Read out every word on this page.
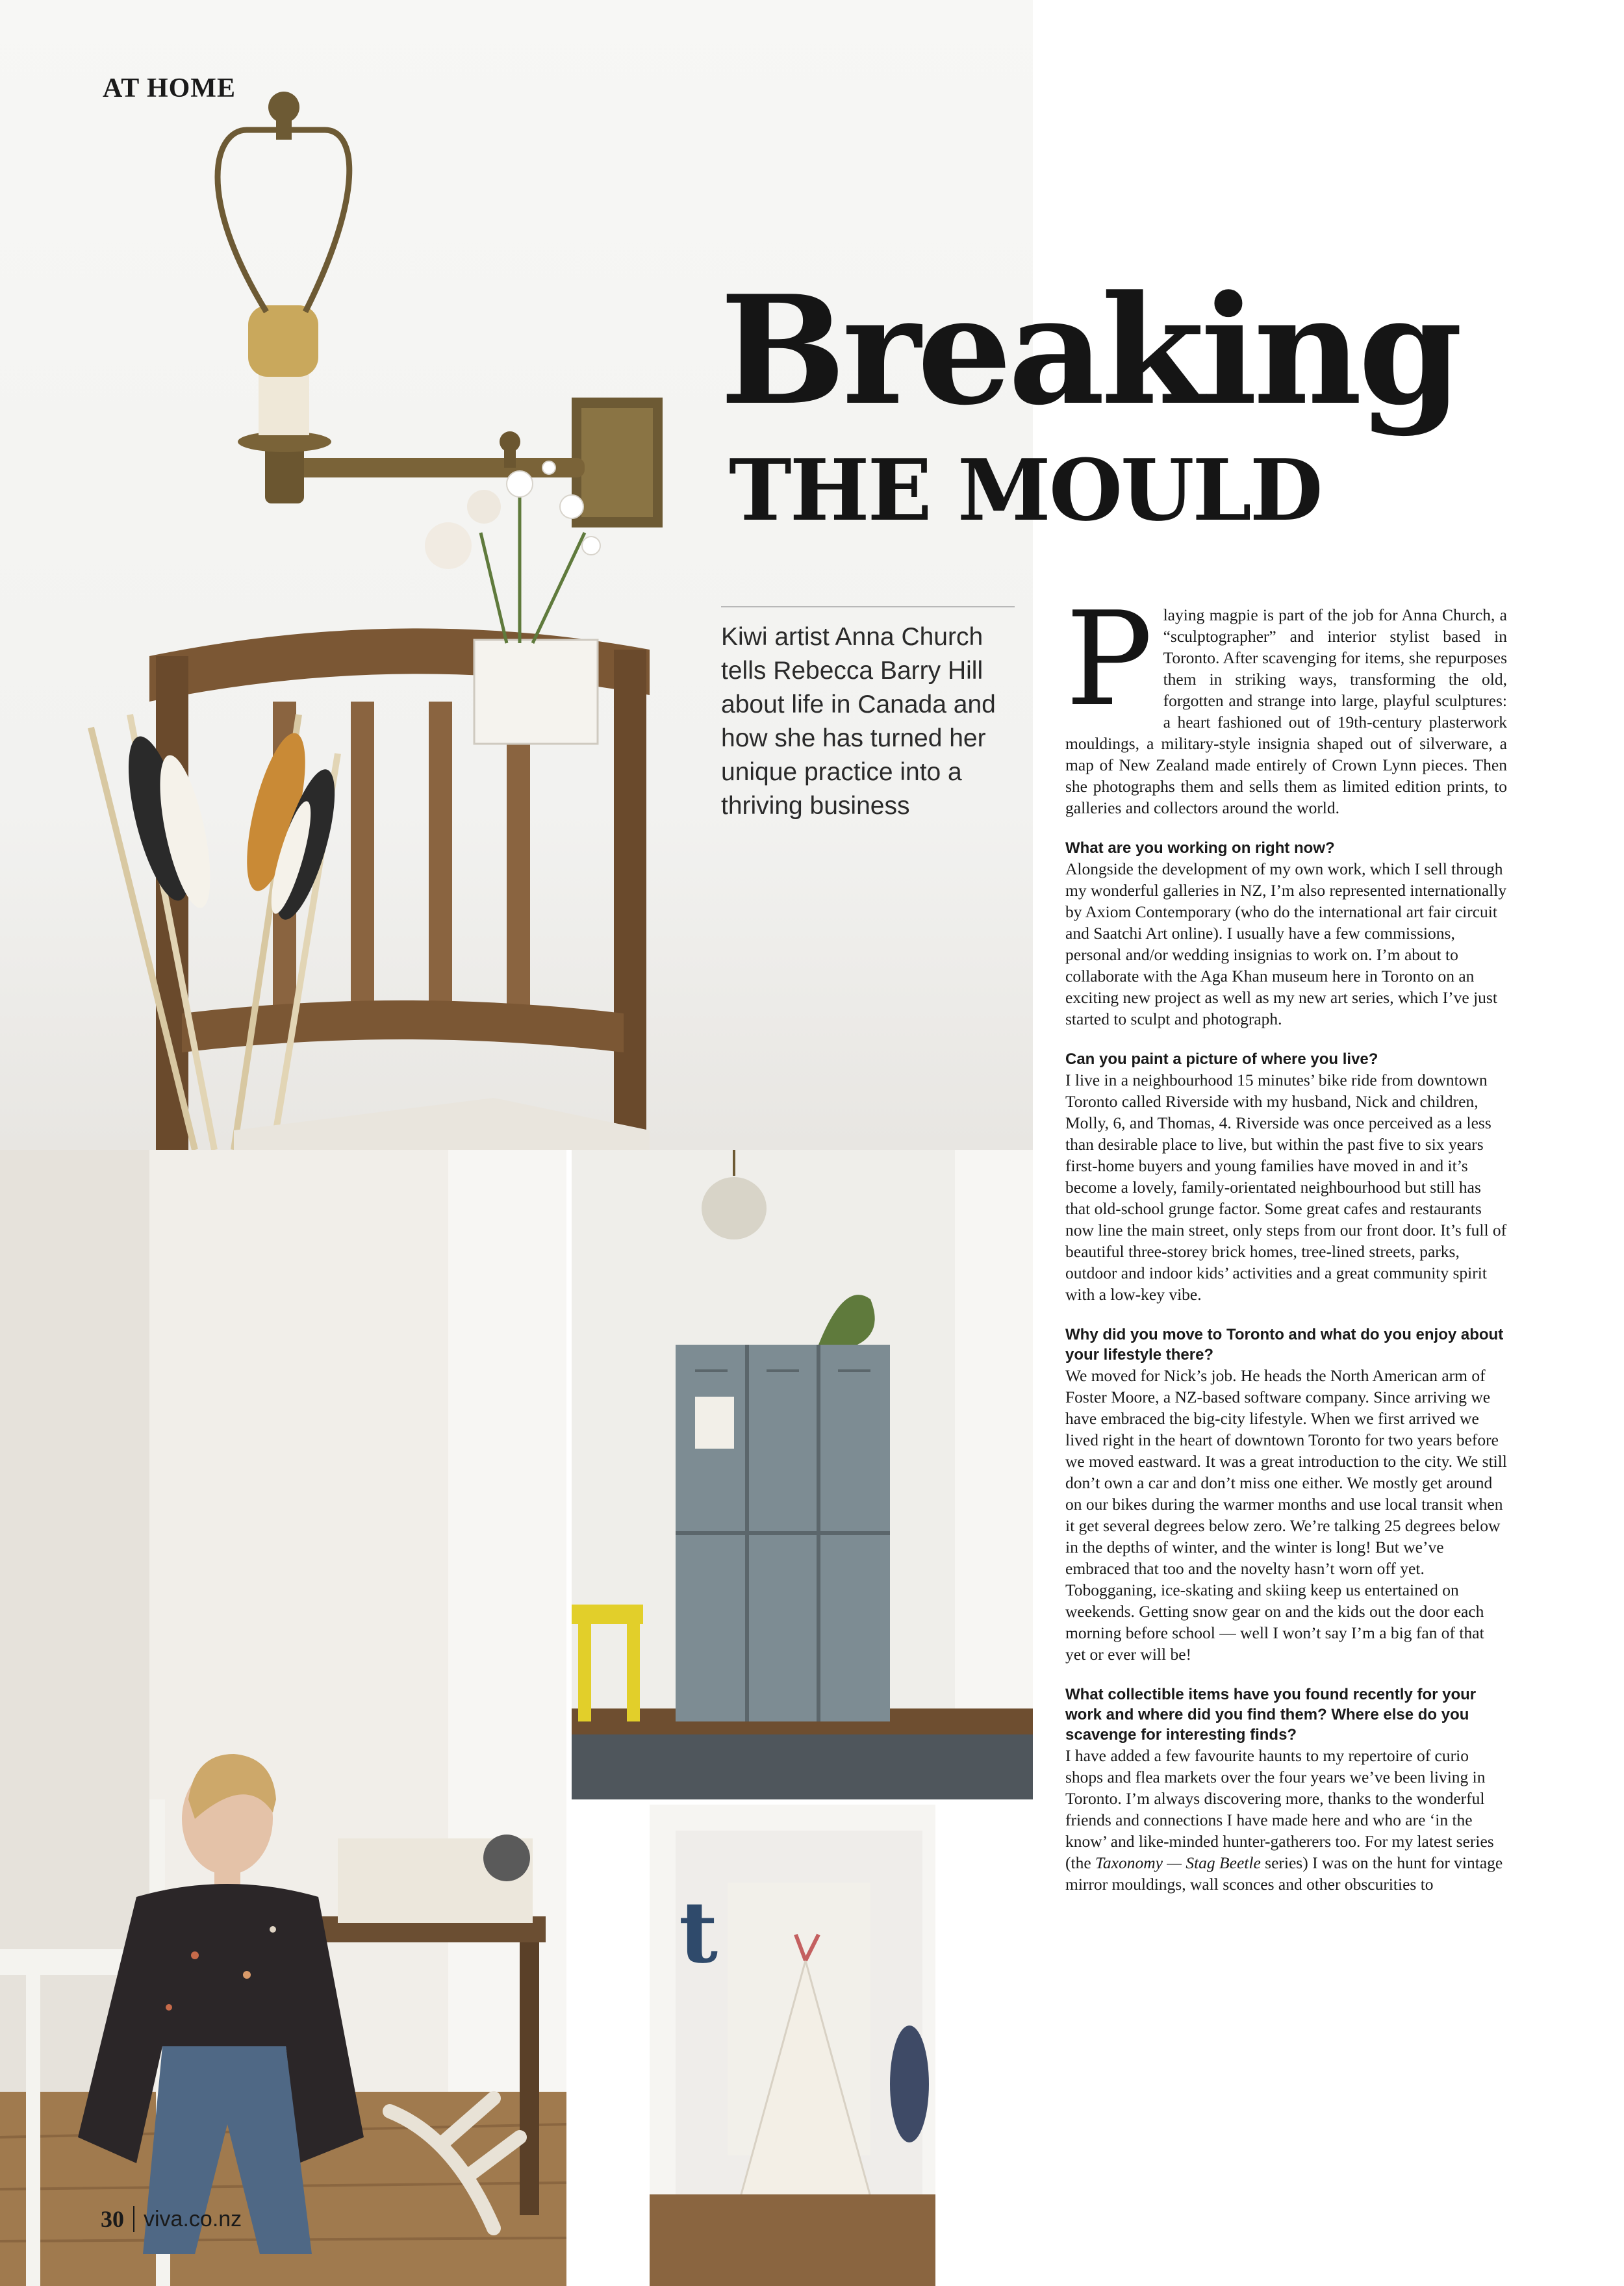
AT HOME
Breaking
THE MOULD
Kiwi artist Anna Church tells Rebecca Barry Hill about life in Canada and how she has turned her unique practice into a thriving business

Playing magpie is part of the job for Anna Church, a “sculptographer” and interior stylist based in Toronto. After scavenging for items, she repurposes them in striking ways, transforming the old, forgotten and strange into large, playful sculptures: a heart fashioned out of 19th-century plasterwork mouldings, a military-style insignia shaped out of silverware, a map of New Zealand made entirely of Crown Lynn pieces. Then she photographs them and sells them as limited edition prints, to galleries and collectors around the world.

What are you working on right now?

Alongside the development of my own work, which I sell through my wonderful galleries in NZ, I’m also represented internationally by Axiom Contemporary (who do the international art fair circuit and Saatchi Art online). I usually have a few commissions, personal and/or wedding insignias to work on. I’m about to collaborate with the Aga Khan museum here in Toronto on an exciting new project as well as my new art series, which I’ve just started to sculpt and photograph.

Can you paint a picture of where you live?

I live in a neighbourhood 15 minutes’ bike ride from downtown Toronto called Riverside with my husband, Nick and children, Molly, 6, and Thomas, 4. Riverside was once perceived as a less than desirable place to live, but within the past five to six years first-home buyers and young families have moved in and it’s become a lovely, family-orientated neighbourhood but still has that old-school grunge factor. Some great cafes and restaurants now line the main street, only steps from our front door. It’s full of beautiful three-storey brick homes, tree-lined streets, parks, outdoor and indoor kids’ activities and a great community spirit with a low-key vibe.

Why did you move to Toronto and what do you enjoy about your lifestyle there?

We moved for Nick’s job. He heads the North American arm of Foster Moore, a NZ-based software company. Since arriving we have embraced the big-city lifestyle. When we first arrived we lived right in the heart of downtown Toronto for two years before we moved eastward. It was a great introduction to the city. We still don’t own a car and don’t miss one either. We mostly get around on our bikes during the warmer months and use local transit when it get several degrees below zero. We’re talking 25 degrees below in the depths of winter, and the winter is long! But we’ve embraced that too and the novelty hasn’t worn off yet. Tobogganing, ice-skating and skiing keep us entertained on weekends. Getting snow gear on and the kids out the door each morning before school — well I won’t say I’m a big fan of that yet or ever will be!

What collectible items have you found recently for your work and where did you find them? Where else do you scavenge for interesting finds?

I have added a few favourite haunts to my repertoire of curio shops and flea markets over the four years we’ve been living in Toronto. I’m always discovering more, thanks to the wonderful friends and connections I have made here and who are ‘in the know’ and like-minded hunter-gatherers too. For my latest series (the Taxonomy — Stag Beetle series) I was on the hunt for vintage mirror mouldings, wall sconces and other obscurities to

t
30 viva.co.nz
